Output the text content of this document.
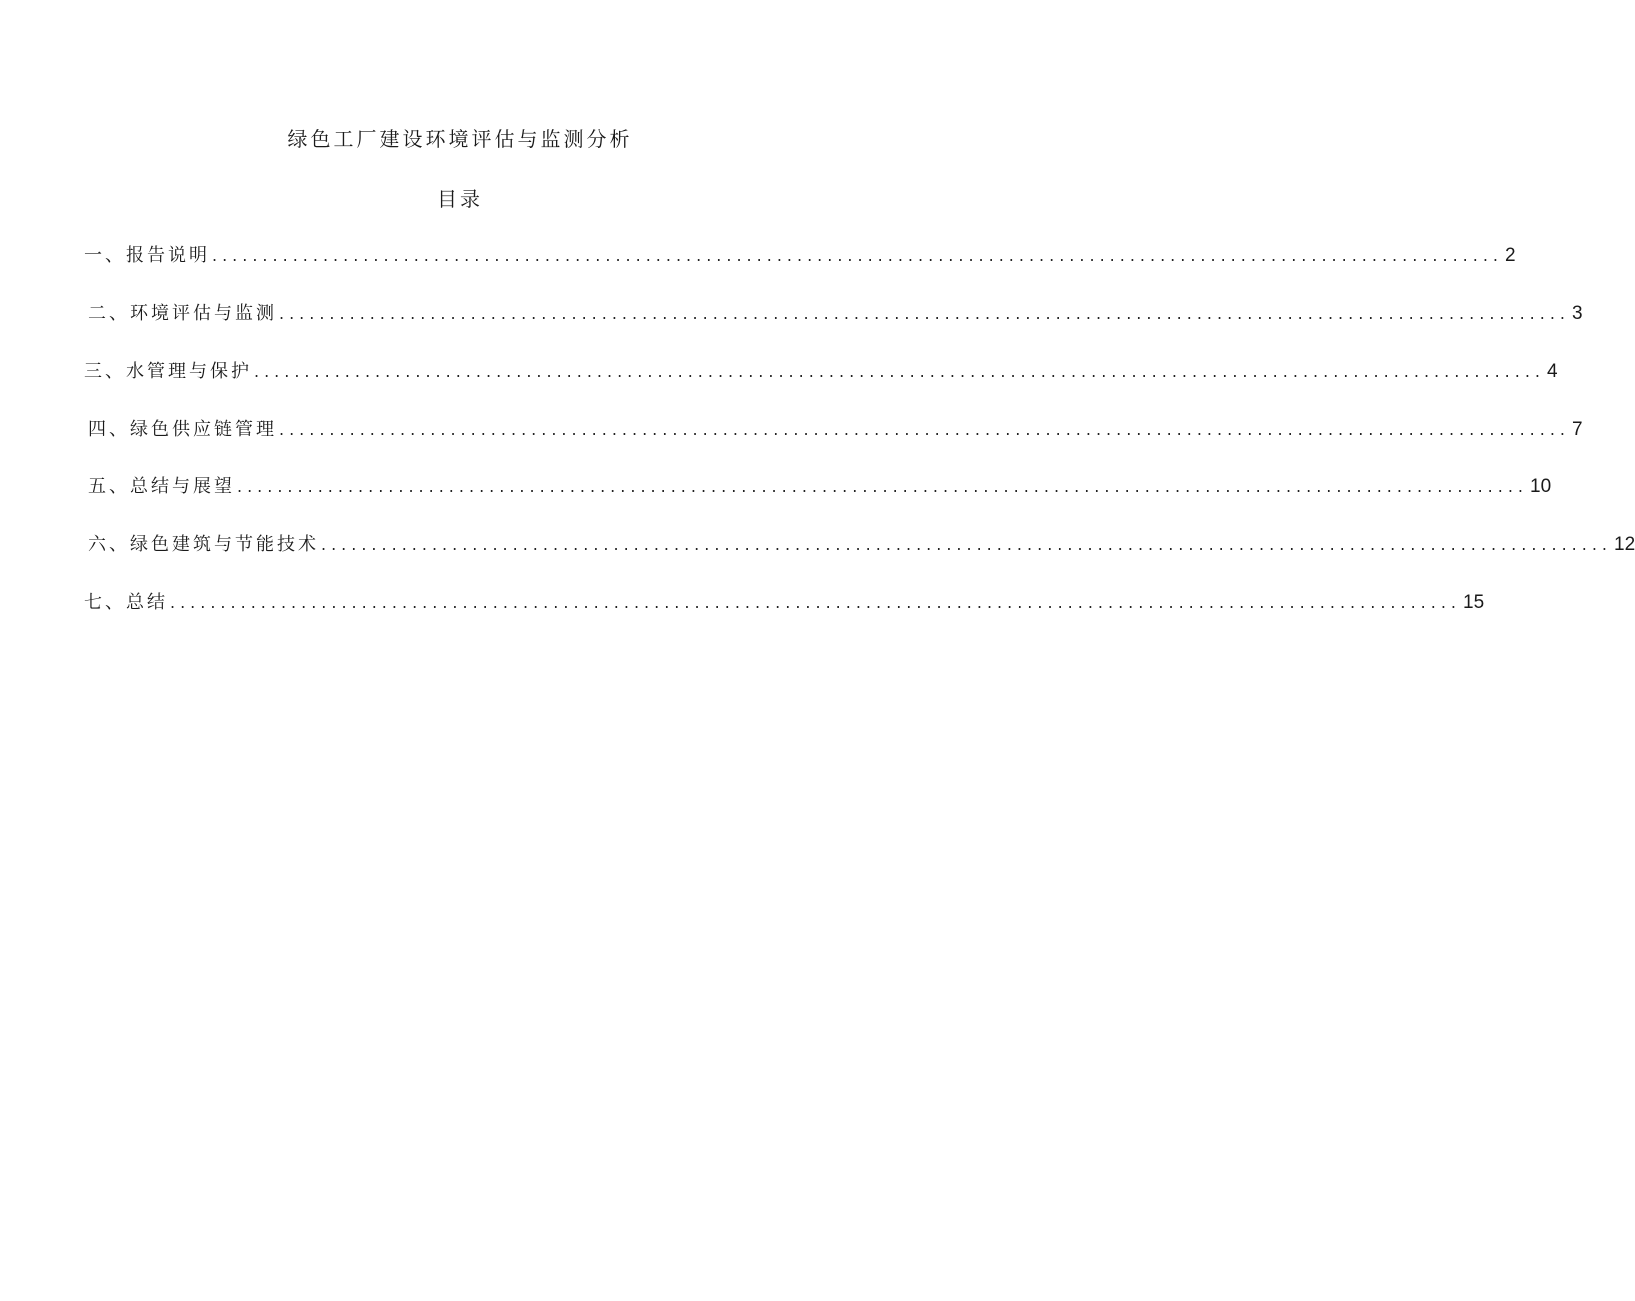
绿色工厂建设环境评估与监测分析
目录
一、报告说明 ................................................................................................................................ 2
二、环境评估与监测 ................................................................................................................................ 3
三、水管理与保护 ................................................................................................................................ 4
四、绿色供应链管理 ................................................................................................................................ 7
五、总结与展望 ................................................................................................................................ 10
六、绿色建筑与节能技术 ................................................................................................................................ 12
七、总结 ................................................................................................................................ 15
